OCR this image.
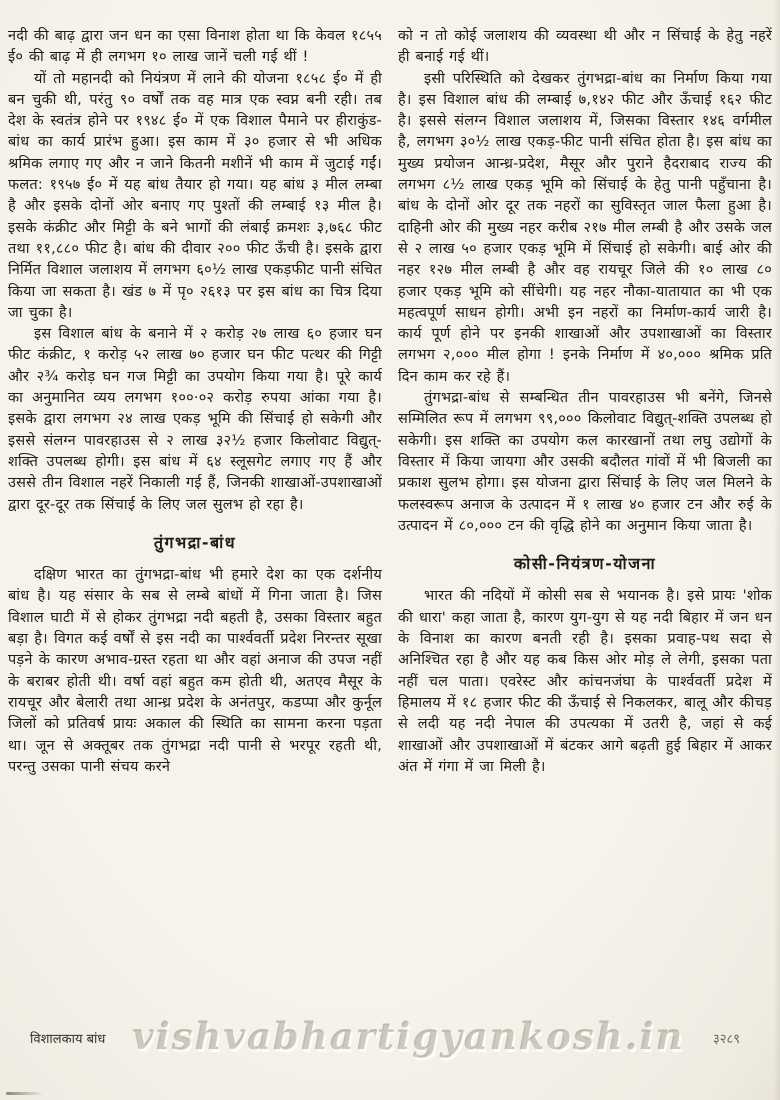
नदी की बाढ़ द्वारा जन धन का एसा विनाश होता था कि केवल १८५५ ई० की बाढ़ में ही लगभग १० लाख जानें चली गई थीं !

यों तो महानदी को नियंत्रण में लाने की योजना १८५८ ई० में ही बन चुकी थी, परंतु ९० वर्षों तक वह मात्र एक स्वप्न बनी रही। तब देश के स्वतंत्र होने पर १९४८ ई० में एक विशाल पैमाने पर हीराकुंड-बांध का कार्य प्रारंभ हुआ। इस काम में ३० हजार से भी अधिक श्रमिक लगाए गए और न जाने कितनी मशीनें भी काम में जुटाई गईं। फलत: १९५७ ई० में यह बांध तैयार हो गया। यह बांध ३ मील लम्बा है और इसके दोनों ओर बनाए गए पुश्तों की लम्बाई १३ मील है। इसके कंक्रीट और मिट्टी के बने भागों की लंबाई क्रमशः ३,७६८ फीट तथा ११,८८० फीट है। बांध की दीवार २०० फीट ऊँची है। इसके द्वारा निर्मित विशाल जलाशय में लगभग ६०½ लाख एकड़फीट पानी संचित किया जा सकता है। खंड ७ में पृ० २६१३ पर इस बांध का चित्र दिया जा चुका है।

इस विशाल बांध के बनाने में २ करोड़ २७ लाख ६० हजार घन फीट कंक्रीट, १ करोड़ ५२ लाख ७० हजार घन फीट पत्थर की गिट्टी और २¾ करोड़ घन गज मिट्टी का उपयोग किया गया है। पूरे कार्य का अनुमानित व्यय लगभग १००·०२ करोड़ रुपया आंका गया है। इसके द्वारा लगभग २४ लाख एकड़ भूमि की सिंचाई हो सकेगी और इससे संलग्न पावरहाउस से २ लाख ३२½ हजार किलोवाट विद्युत्-शक्ति उपलब्ध होगी। इस बांध में ६४ स्लूसगेट लगाए गए हैं और उससे तीन विशाल नहरें निकाली गई हैं, जिनकी शाखाओं-उपशाखाओं द्वारा दूर-दूर तक सिंचाई के लिए जल सुलभ हो रहा है।

तुंगभद्रा-बांध

दक्षिण भारत का तुंगभद्रा-बांध भी हमारे देश का एक दर्शनीय बांध है। यह संसार के सब से लम्बे बांधों में गिना जाता है। जिस विशाल घाटी में से होकर तुंगभद्रा नदी बहती है, उसका विस्तार बहुत बड़ा है। विगत कई वर्षों से इस नदी का पार्श्ववर्ती प्रदेश निरन्तर सूखा पड़ने के कारण अभाव-ग्रस्त रहता था और वहां अनाज की उपज नहीं के बराबर होती थी। वर्षा वहां बहुत कम होती थी, अतएव मैसूर के रायचूर और बेलारी तथा आन्ध्र प्रदेश के अनंतपुर, कडप्पा और कुर्नूल जिलों को प्रतिवर्ष प्रायः अकाल की स्थिति का सामना करना पड़ता था। जून से अक्तूबर तक तुंगभद्रा नदी पानी से भरपूर रहती थी, परन्तु उसका पानी संचय करने

को न तो कोई जलाशय की व्यवस्था थी और न सिंचाई के हेतु नहरें ही बनाई गई थीं।

इसी परिस्थिति को देखकर तुंगभद्रा-बांध का निर्माण किया गया है। इस विशाल बांध की लम्बाई ७,१४२ फीट और ऊँचाई १६२ फीट है। इससे संलग्न विशाल जलाशय में, जिसका विस्तार १४६ वर्गमील है, लगभग ३०½ लाख एकड़-फीट पानी संचित होता है। इस बांध का मुख्य प्रयोजन आन्ध्र-प्रदेश, मैसूर और पुराने हैदराबाद राज्य की लगभग ८½ लाख एकड़ भूमि को सिंचाई के हेतु पानी पहुँचाना है। बांध के दोनों ओर दूर तक नहरों का सुविस्तृत जाल फैला हुआ है। दाहिनी ओर की मुख्य नहर करीब २१७ मील लम्बी है और उसके जल से २ लाख ५० हजार एकड़ भूमि में सिंचाई हो सकेगी। बाई ओर की नहर १२७ मील लम्बी है और वह रायचूर जिले की १० लाख ८० हजार एकड़ भूमि को सींचेगी। यह नहर नौका-यातायात का भी एक महत्वपूर्ण साधन होगी। अभी इन नहरों का निर्माण-कार्य जारी है। कार्य पूर्ण होने पर इनकी शाखाओं और उपशाखाओं का विस्तार लगभग २,००० मील होगा ! इनके निर्माण में ४०,००० श्रमिक प्रति दिन काम कर रहे हैं।

तुंगभद्रा-बांध से सम्बन्धित तीन पावरहाउस भी बनेंगे, जिनसे सम्मिलित रूप में लगभग ९९,००० किलोवाट विद्युत्-शक्ति उपलब्ध हो सकेगी। इस शक्ति का उपयोग कल कारखानों तथा लघु उद्योगों के विस्तार में किया जायगा और उसकी बदौलत गांवों में भी बिजली का प्रकाश सुलभ होगा। इस योजना द्वारा सिंचाई के लिए जल मिलने के फलस्वरूप अनाज के उत्पादन में १ लाख ४० हजार टन और रुई के उत्पादन में ८०,००० टन की वृद्धि होने का अनुमान किया जाता है।

कोसी-नियंत्रण-योजना

भारत की नदियों में कोसी सब से भयानक है। इसे प्रायः 'शोक की धारा' कहा जाता है, कारण युग-युग से यह नदी बिहार में जन धन के विनाश का कारण बनती रही है। इसका प्रवाह-पथ सदा से अनिश्चित रहा है और यह कब किस ओर मोड़ ले लेगी, इसका पता नहीं चल पाता। एवरेस्ट और कांचनजंघा के पार्श्ववर्ती प्रदेश में हिमालय में १८ हजार फीट की ऊँचाई से निकलकर, बालू और कीचड़ से लदी यह नदी नेपाल की उपत्यका में उतरी है, जहां से कई शाखाओं और उपशाखाओं में बंटकर आगे बढ़ती हुई बिहार में आकर अंत में गंगा में जा मिली है।

विशालकाय बांध vishvabhartigyankosh.in	३२८९
